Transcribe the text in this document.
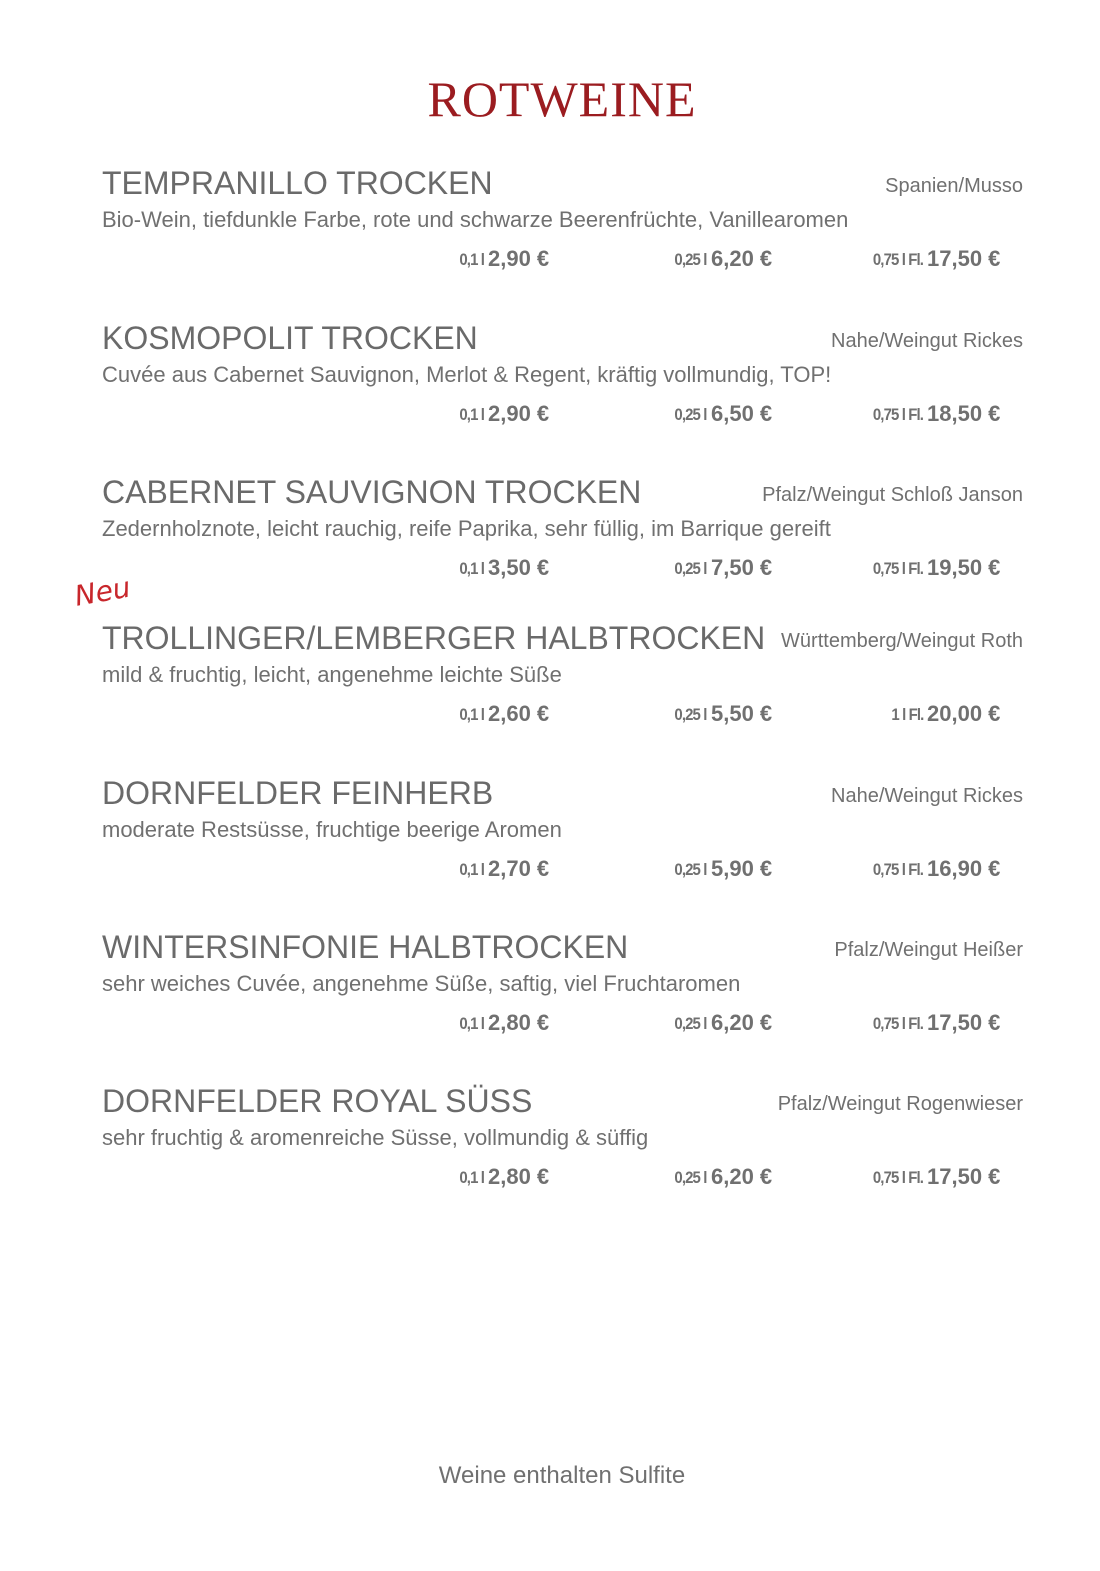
ROTWEINE
TEMPRANILLO TROCKEN	Spanien/Musso
Bio-Wein, tiefdunkle Farbe, rote und schwarze Beerenfrüchte, Vanillearomen
0,1 l 2,90 €	0,25 l 6,20 €	0,75 l Fl. 17,50 €
KOSMOPOLIT TROCKEN	Nahe/Weingut Rickes
Cuvée aus Cabernet Sauvignon, Merlot & Regent, kräftig vollmundig, TOP!
0,1 l 2,90 €	0,25 l 6,50 €	0,75 l Fl. 18,50 €
CABERNET SAUVIGNON TROCKEN	Pfalz/Weingut Schloß Janson
Zedernholznote, leicht rauchig, reife Paprika, sehr füllig, im Barrique gereift
0,1 l 3,50 €	0,25 l 7,50 €	0,75 l Fl. 19,50 €
Neu
TROLLINGER/LEMBERGER HALBTROCKEN Württemberg/Weingut Roth
mild & fruchtig, leicht, angenehme leichte Süße
0,1 l 2,60 €	0,25 l 5,50 €	1 l Fl. 20,00 €
DORNFELDER FEINHERB	Nahe/Weingut Rickes
moderate Restsüsse, fruchtige beerige Aromen
0,1 l 2,70 €	0,25 l 5,90 €	0,75 l Fl. 16,90 €
WINTERSINFONIE HALBTROCKEN	Pfalz/Weingut Heißer
sehr weiches Cuvée, angenehme Süße, saftig, viel Fruchtaromen
0,1 l 2,80 €	0,25 l 6,20 €	0,75 l Fl. 17,50 €
DORNFELDER ROYAL SÜSS	Pfalz/Weingut Rogenwieser
sehr fruchtig & aromenreiche Süsse, vollmundig & süffig
0,1 l 2,80 €	0,25 l 6,20 €	0,75 l Fl. 17,50 €
Weine enthalten Sulfite
